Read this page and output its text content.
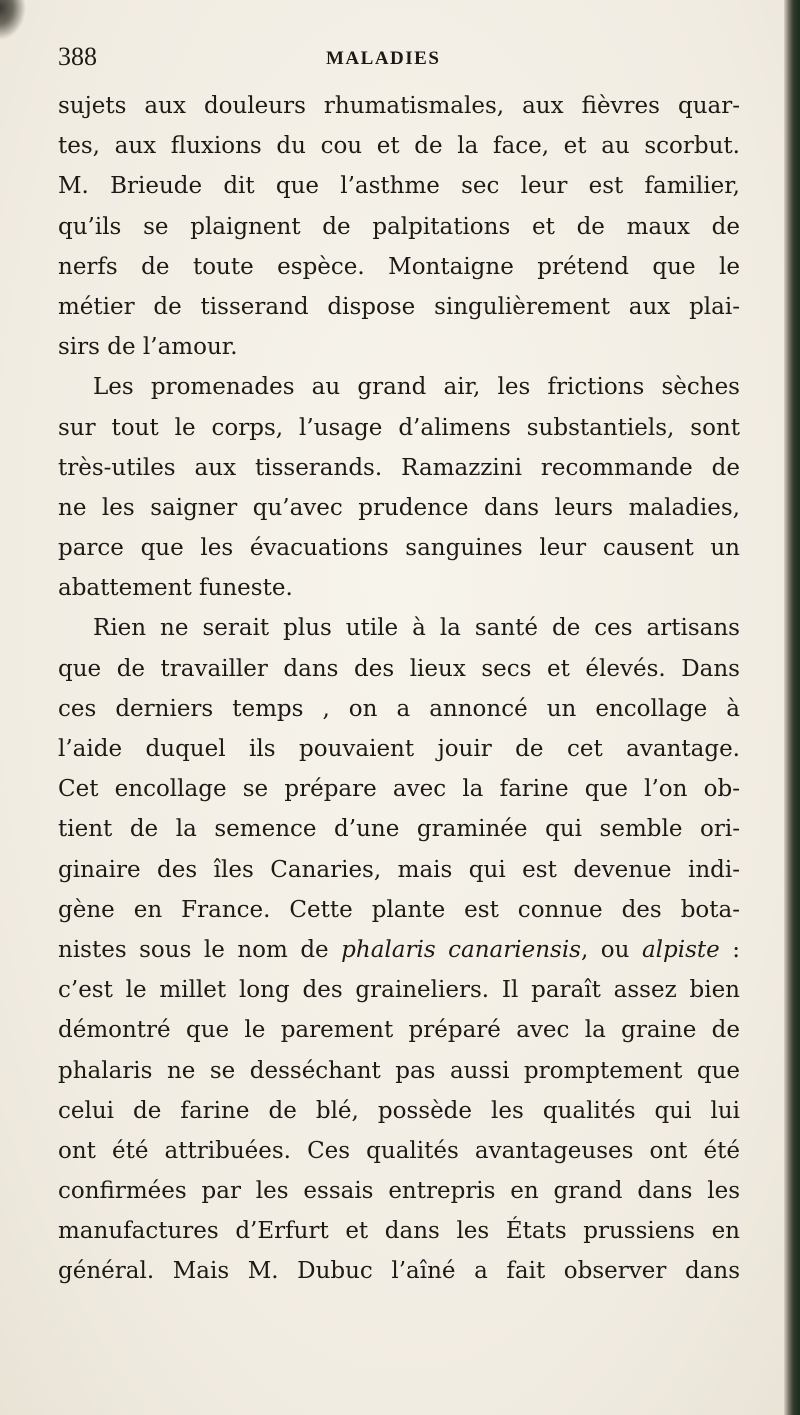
388	MALADIES
sujets aux douleurs rhumatismales, aux fièvres quar-
tes, aux fluxions du cou et de la face, et au scorbut.
M. Brieude dit que l’asthme sec leur est familier,
qu’ils se plaignent de palpitations et de maux de
nerfs de toute espèce. Montaigne prétend que le
métier de tisserand dispose singulièrement aux plai-
sirs de l’amour.
Les promenades au grand air, les frictions sèches
sur tout le corps, l’usage d’alimens substantiels, sont
très-utiles aux tisserands. Ramazzini recommande de
ne les saigner qu’avec prudence dans leurs maladies,
parce que les évacuations sanguines leur causent un
abattement funeste.
Rien ne serait plus utile à la santé de ces artisans
que de travailler dans des lieux secs et élevés. Dans
ces derniers temps , on a annoncé un encollage à
l’aide duquel ils pouvaient jouir de cet avantage.
Cet encollage se prépare avec la farine que l’on ob-
tient de la semence d’une graminée qui semble ori-
ginaire des îles Canaries, mais qui est devenue indi-
gène en France. Cette plante est connue des bota-
nistes sous le nom de phalaris canariensis, ou alpiste :
c’est le millet long des graineliers. Il paraît assez bien
démontré que le parement préparé avec la graine de
phalaris ne se desséchant pas aussi promptement que
celui de farine de blé, possède les qualités qui lui
ont été attribuées. Ces qualités avantageuses ont été
confirmées par les essais entrepris en grand dans les
manufactures d’Erfurt et dans les États prussiens en
général. Mais M. Dubuc l’aîné a fait observer dans
